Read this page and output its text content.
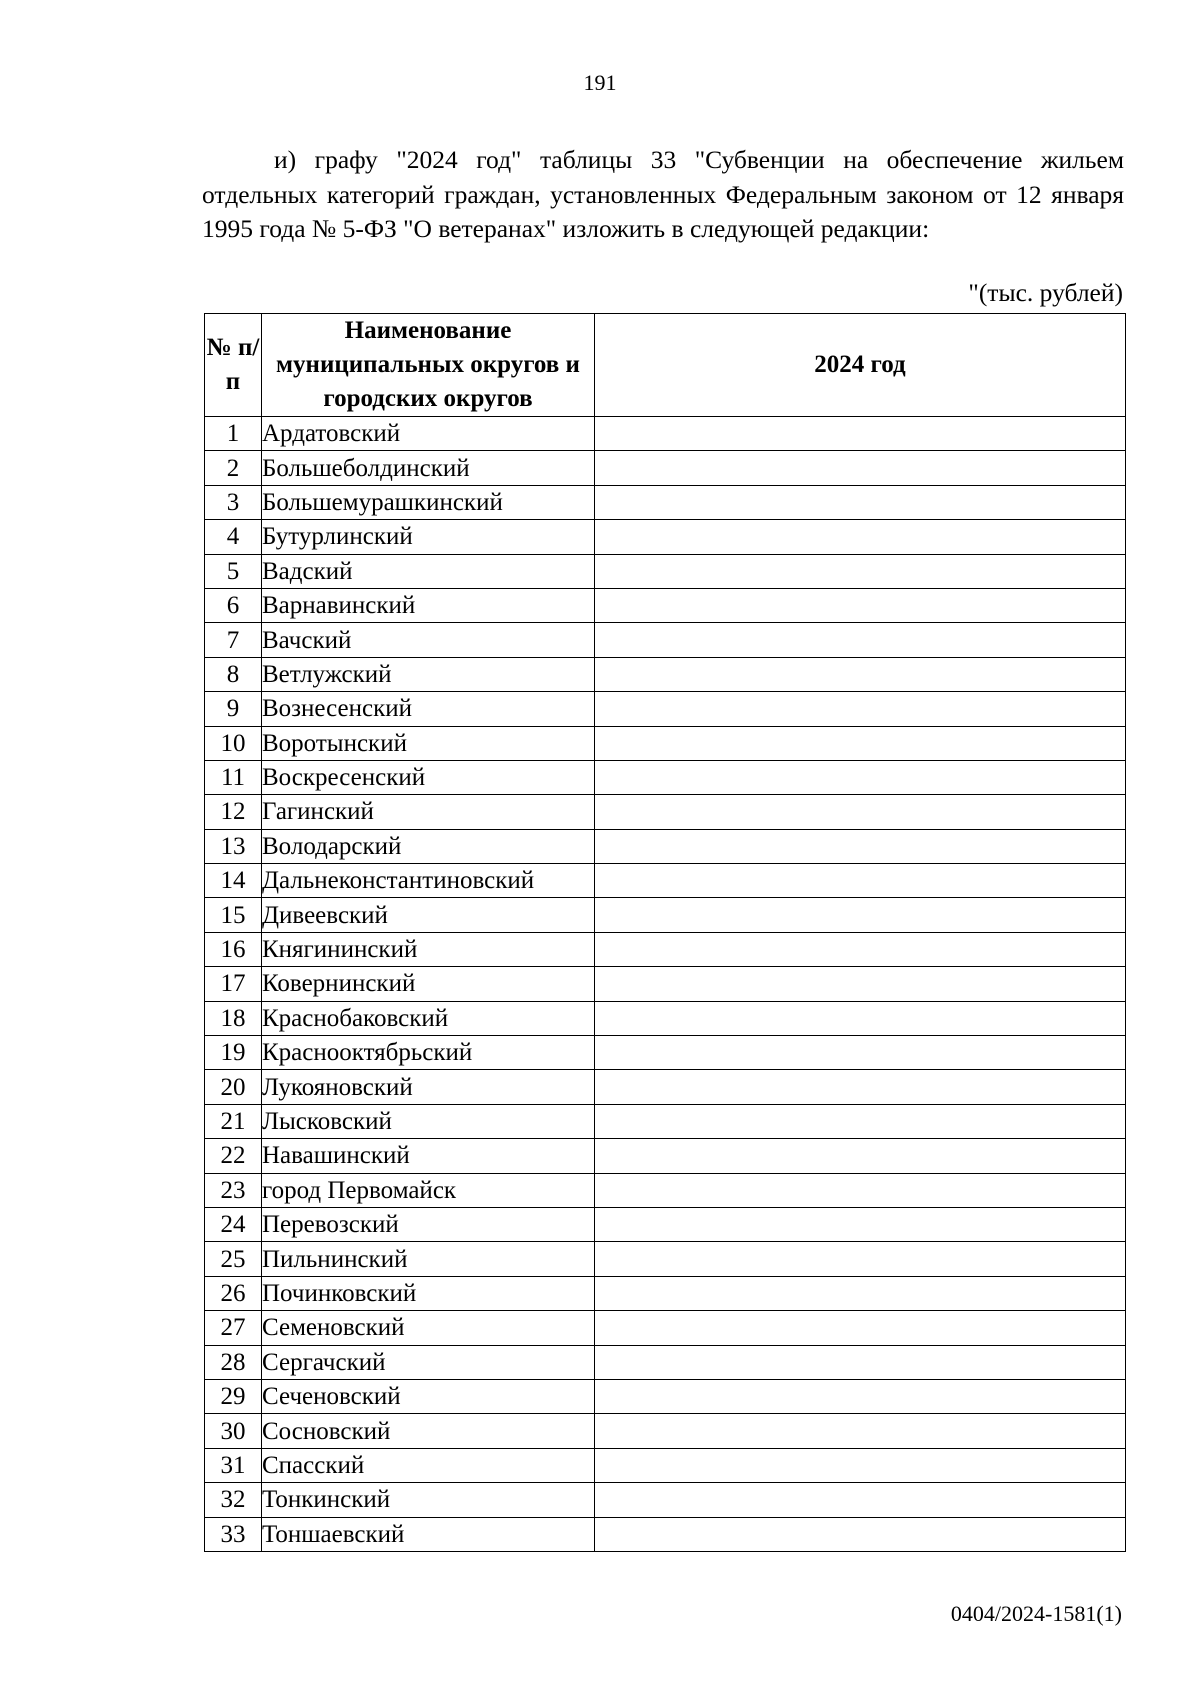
191

и) графу "2024 год" таблицы 33 "Субвенции на обеспечение жильем отдельных категорий граждан, установленных Федеральным законом от 12 января 1995 года № 5-ФЗ "О ветеранах" изложить в следующей редакции:

"(тыс. рублей)
№ п/п	Наименование муниципальных округов и городских округов	2024 год
1	Ардатовский	
2	Большеболдинский	
3	Большемурашкинский	
4	Бутурлинский	
5	Вадский	
6	Варнавинский	
7	Вачский	
8	Ветлужский	
9	Вознесенский	
10	Воротынский	
11	Воскресенский	
12	Гагинский	
13	Володарский	
14	Дальнеконстантиновский	
15	Дивеевский	
16	Княгининский	
17	Ковернинский	
18	Краснобаковский	
19	Краснооктябрьский	
20	Лукояновский	
21	Лысковский	
22	Навашинский	
23	город Первомайск	
24	Перевозский	
25	Пильнинский	
26	Починковский	
27	Семеновский	
28	Сергачский	
29	Сеченовский	
30	Сосновский	
31	Спасский	
32	Тонкинский	
33	Тоншаевский	
0404/2024-1581(1)
